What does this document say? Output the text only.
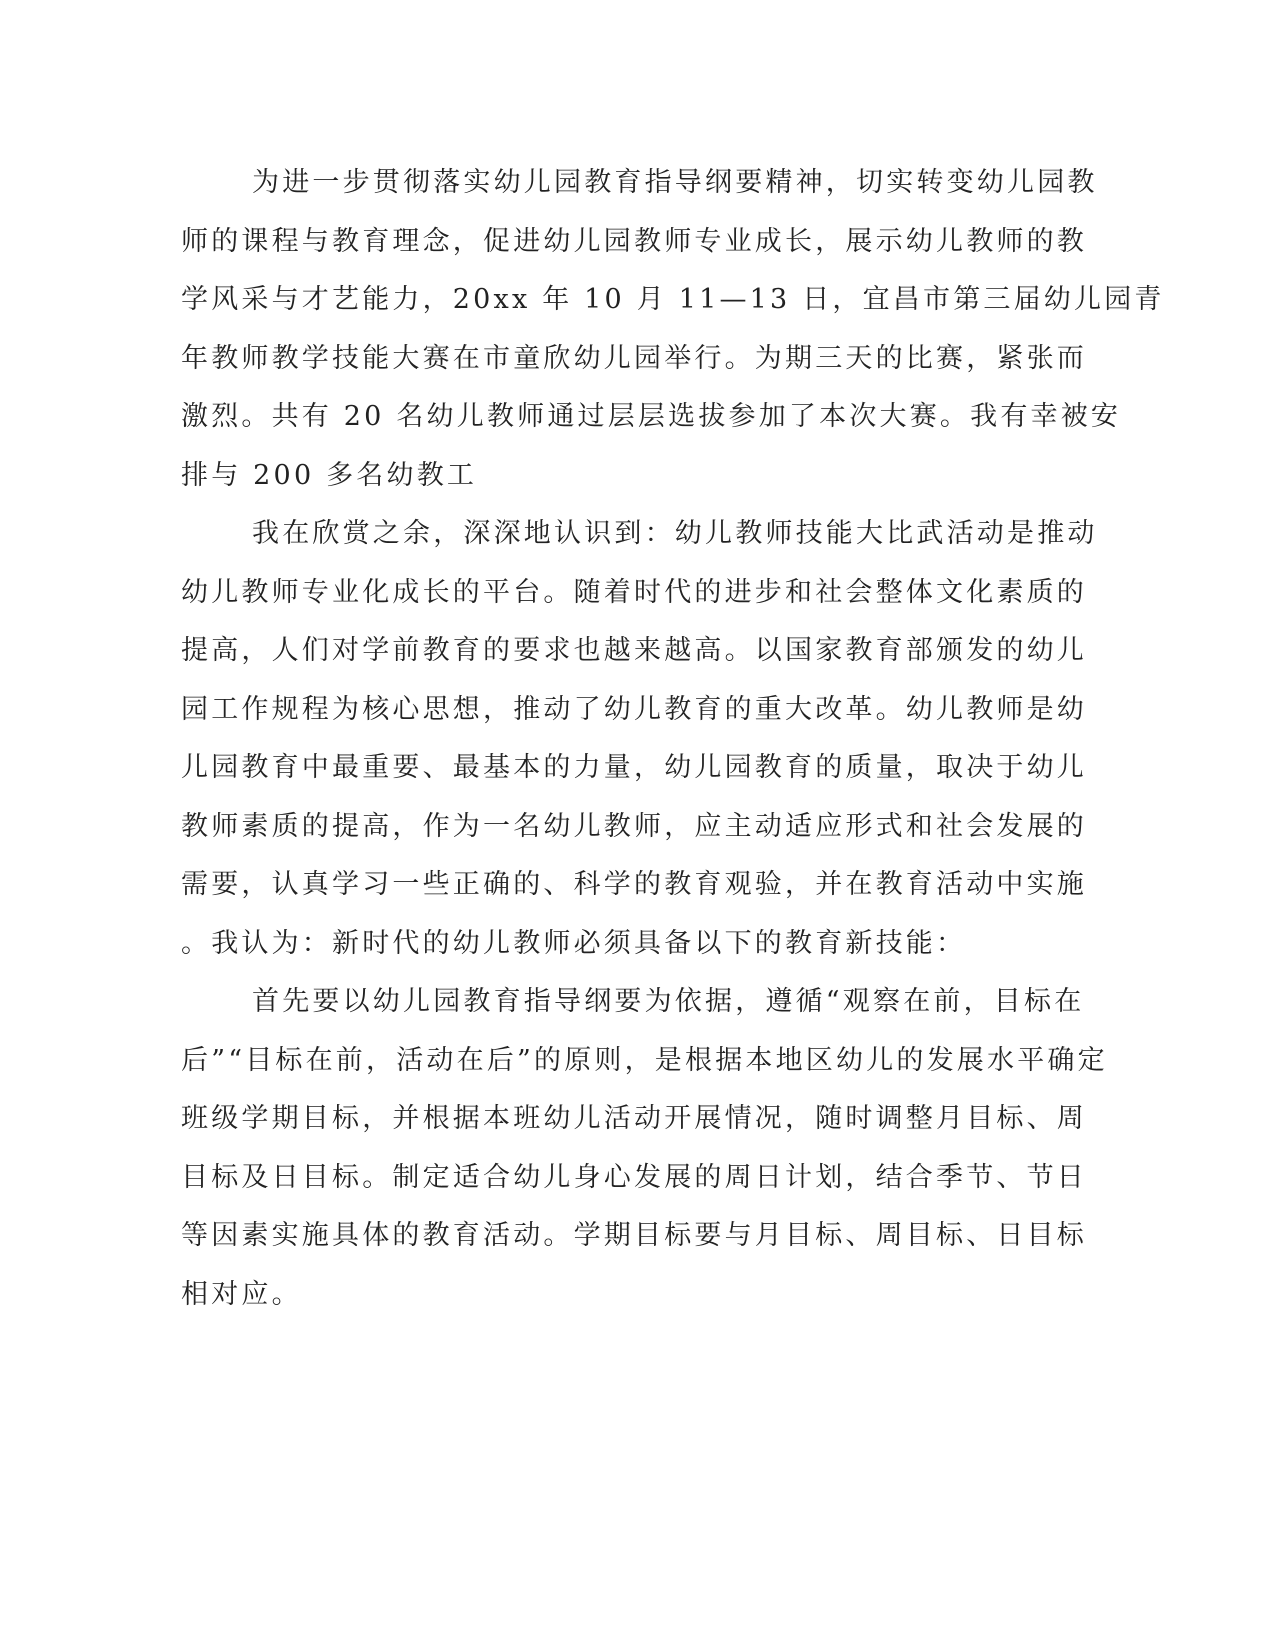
为进一步贯彻落实幼儿园教育指导纲要精神，切实转变幼儿园教
师的课程与教育理念，促进幼儿园教师专业成长，展示幼儿教师的教
学风采与才艺能力，20xx 年 10 月 11—13 日，宜昌市第三届幼儿园青
年教师教学技能大赛在市童欣幼儿园举行。为期三天的比赛，紧张而
激烈。共有 20 名幼儿教师通过层层选拔参加了本次大赛。我有幸被安
排与 200 多名幼教工

我在欣赏之余，深深地认识到：幼儿教师技能大比武活动是推动
幼儿教师专业化成长的平台。随着时代的进步和社会整体文化素质的
提高，人们对学前教育的要求也越来越高。以国家教育部颁发的幼儿
园工作规程为核心思想，推动了幼儿教育的重大改革。幼儿教师是幼
儿园教育中最重要、最基本的力量，幼儿园教育的质量，取决于幼儿
教师素质的提高，作为一名幼儿教师，应主动适应形式和社会发展的
需要，认真学习一些正确的、科学的教育观验，并在教育活动中实施
。我认为：新时代的幼儿教师必须具备以下的教育新技能：

首先要以幼儿园教育指导纲要为依据，遵循“观察在前，目标在
后”“目标在前，活动在后”的原则，是根据本地区幼儿的发展水平确定
班级学期目标，并根据本班幼儿活动开展情况，随时调整月目标、周
目标及日目标。制定适合幼儿身心发展的周日计划，结合季节、节日
等因素实施具体的教育活动。学期目标要与月目标、周目标、日目标
相对应。
